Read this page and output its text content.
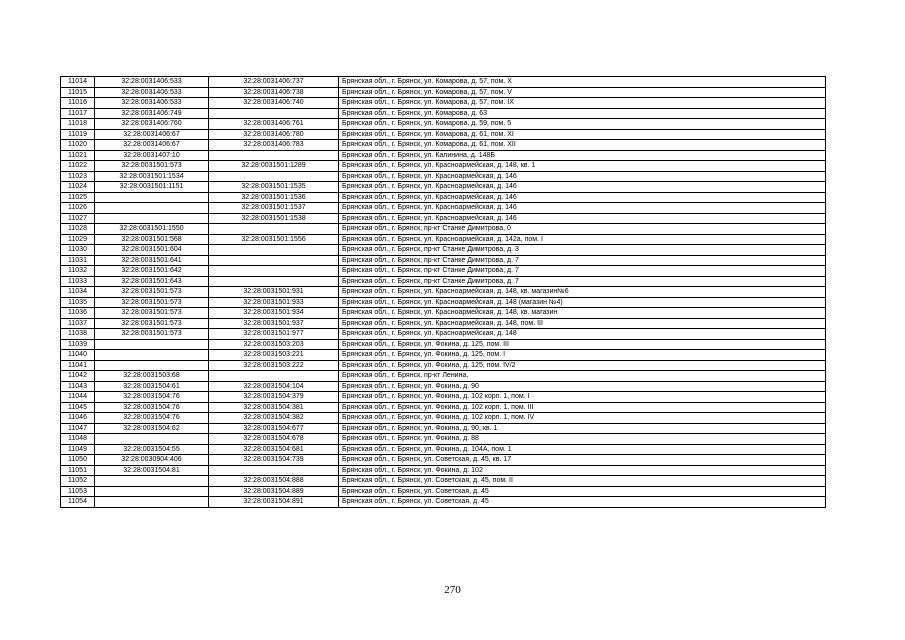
11014	32:28:0031406:533	32:28:0031406:737	Брянская обл., г. Брянск, ул. Комарова, д. 57, пом. X
11015	32:28:0031406:533	32:28:0031406:738	Брянская обл., г. Брянск, ул. Комарова, д. 57, пом. V
11016	32:28:0031406:533	32:28:0031406:740	Брянская обл., г. Брянск, ул. Комарова, д. 57, пом. IX
11017	32:28:0031406:749		Брянская обл., г. Брянск, ул. Комарова, д. 63
11018	32:28:0031406:760	32:28:0031406:761	Брянская обл., г. Брянск, ул. Комарова, д. 59, пом. 5
11019	32:28:0031406:67	32:28:0031406:780	Брянская обл., г. Брянск, ул. Комарова, д. 61, пом. XI
11020	32:28:0031406:67	32:28:0031406:783	Брянская обл., г. Брянск, ул. Комарова, д. 61, пом. XII
11021	32:28:0031407:10		Брянская обл., г. Брянск, ул. Калинина, д. 148Б
11022	32:28:0031501:573	32:28:0031501:1289	Брянская обл., г. Брянск, ул. Красноармейская, д. 148, кв. 1
11023	32:28:0031501:1534		Брянская обл., г. Брянск, ул. Красноармейская, д. 146
11024	32:28:0031501:1151	32:28:0031501:1535	Брянская обл., г. Брянск, ул. Красноармейская, д. 146
11025		32:28:0031501:1536	Брянская обл., г. Брянск, ул. Красноармейская, д. 146
11026		32:28:0031501:1537	Брянская обл., г. Брянск, ул. Красноармейская, д. 146
11027		32:28:0031501:1538	Брянская обл., г. Брянск, ул. Красноармейская, д. 146
11028	32:28:0031501:1550		Брянская обл., г. Брянск, пр-кт Станке Димитрова, 0
11029	32:28:0031501:568	32:28:0031501:1556	Брянская обл., г. Брянск, ул. Красноармейская, д. 142а, пом. I
11030	32:28:0031501:604		Брянская обл., г. Брянск, пр-кт Станке Димитрова, д. 3
11031	32:28:0031501:641		Брянская обл., г. Брянск, пр-кт Станке Димитрова, д. 7
11032	32:28:0031501:642		Брянская обл., г. Брянск, пр-кт Станке Димитрова, д. 7
11033	32:28:0031501:643		Брянская обл., г. Брянск, пр-кт Станке Димитрова, д. 7
11034	32:28:0031501:573	32:28:0031501:931	Брянская обл., г. Брянск, ул. Красноармейская, д. 148, кв. магазин№6
11035	32:28:0031501:573	32:28:0031501:933	Брянская обл., г. Брянск, ул. Красноармейская, д. 148 (магазин №4)
11036	32:28:0031501:573	32:28:0031501:934	Брянская обл., г. Брянск, ул. Красноармейская, д. 148, кв. магазин
11037	32:28:0031501:573	32:28:0031501:937	Брянская обл., г. Брянск, ул. Красноармейская, д. 148, пом. III
11038	32:28:0031501:573	32:28:0031501:977	Брянская обл., г. Брянск, ул. Красноармейская, д. 148
11039		32:28:0031503:203	Брянская обл., г. Брянск, ул. Фокина, д. 125, пом. III
11040		32:28:0031503:221	Брянская обл., г. Брянск, ул. Фокина, д. 125, пом. I
11041		32:28:0031503:222	Брянская обл., г. Брянск, ул. Фокина, д. 125, пом. IV/2
11042	32:28:0031503:68		Брянская обл., г. Брянск, пр-кт Ленина,
11043	32:28:0031504:61	32:28:0031504:104	Брянская обл., г. Брянск, ул. Фокина, д. 90
11044	32:28:0031504:76	32:28:0031504:379	Брянская обл., г. Брянск, ул. Фокина, д. 102 корп. 1, пом. I
11045	32:28:0031504:76	32:28:0031504:381	Брянская обл., г. Брянск, ул. Фокина, д. 102 корп. 1, пом. III
11046	32:28:0031504:76	32:28:0031504:382	Брянская обл., г. Брянск, ул. Фокина, д. 102 корп. 1, пом. IV
11047	32:28:0031504:62	32:28:0031504:677	Брянская обл., г. Брянск, ул. Фокина, д. 90, кв. 1
11048		32:28:0031504:678	Брянская обл., г. Брянск, ул. Фокина, д. 88
11049	32:28:0031504:55	32:28:0031504:681	Брянская обл., г. Брянск, ул. Фокина, д. 104А, пом. 1
11050	32:28:0030904:406	32:28:0031504:739	Брянская обл., г. Брянск, ул. Советская, д. 45, кв. 17
11051	32:28:0031504:81		Брянская обл., г. Брянск, ул. Фокина, д. 102
11052		32:28:0031504:888	Брянская обл., г. Брянск, ул. Советская, д. 45, пом. II
11053		32:28:0031504:889	Брянская обл., г. Брянск, ул. Советская, д. 45
11054		32:28:0031504:891	Брянская обл., г. Брянск, ул. Советская, д. 45
270
